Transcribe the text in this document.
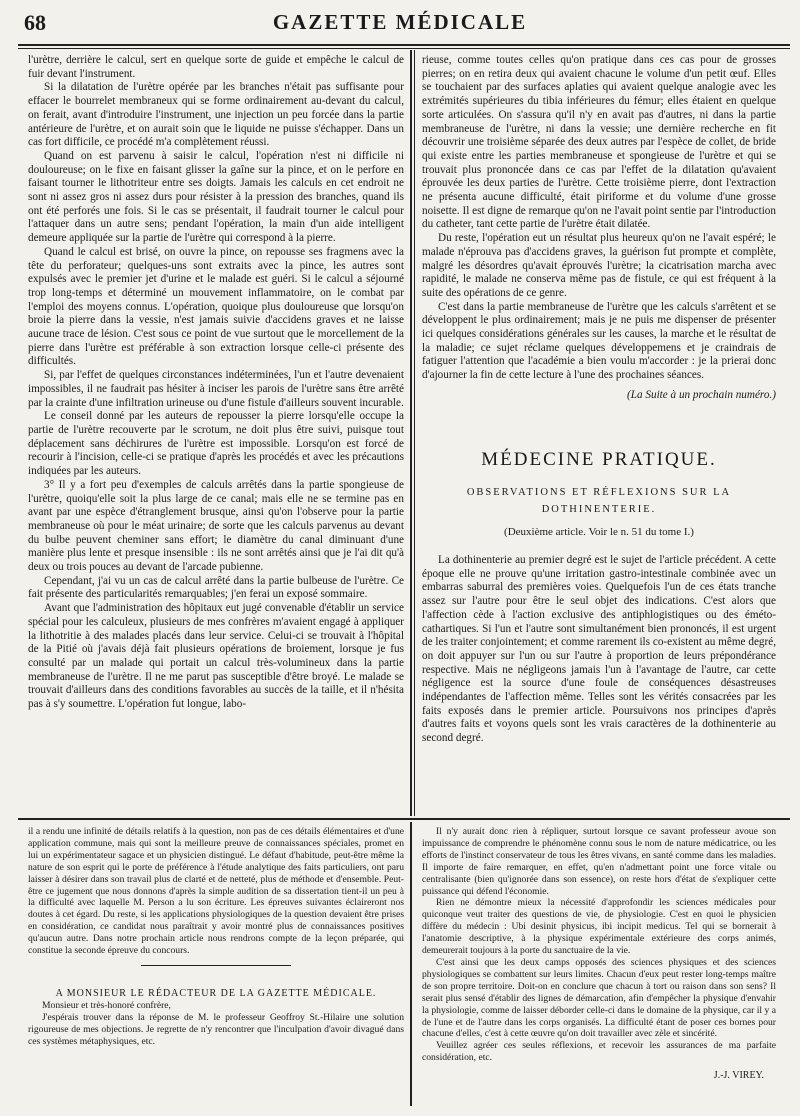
68	GAZETTE MÉDICALE

l'urètre, derrière le calcul, sert en quelque sorte de guide et empêche le calcul de fuir devant l'instrument.

Si la dilatation de l'urètre opérée par les branches n'était pas suffisante pour effacer le bourrelet membraneux qui se forme ordinairement au-devant du calcul, on ferait, avant d'introduire l'instrument, une injection un peu forcée dans la partie antérieure de l'urètre, et on aurait soin que le liquide ne puisse s'échapper. Dans un cas fort difficile, ce procédé m'a complètement réussi.

Quand on est parvenu à saisir le calcul, l'opération n'est ni difficile ni douloureuse; on le fixe en faisant glisser la gaîne sur la pince, et on le perfore en faisant tourner le lithotriteur entre ses doigts. Jamais les calculs en cet endroit ne sont ni assez gros ni assez durs pour résister à la pression des branches, quand ils ont été perforés une fois. Si le cas se présentait, il faudrait tourner le calcul pour l'attaquer dans un autre sens; pendant l'opération, la main d'un aide intelligent demeure appliquée sur la partie de l'urètre qui correspond à la pierre.

Quand le calcul est brisé, on ouvre la pince, on repousse ses fragmens avec la tête du perforateur; quelques-uns sont extraits avec la pince, les autres sont expulsés avec le premier jet d'urine et le malade est guéri. Si le calcul a séjourné trop long-temps et déterminé un mouvement inflammatoire, on le combat par l'emploi des moyens connus. L'opération, quoique plus douloureuse que lorsqu'on broie la pierre dans la vessie, n'est jamais suivie d'accidens graves et ne laisse aucune trace de lésion. C'est sous ce point de vue surtout que le morcellement de la pierre dans l'urètre est préférable à son extraction lorsque celle-ci présente des difficultés.

Si, par l'effet de quelques circonstances indéterminées, l'un et l'autre devenaient impossibles, il ne faudrait pas hésiter à inciser les parois de l'urètre sans être arrêté par la crainte d'une infiltration urineuse ou d'une fistule d'ailleurs souvent incurable.

Le conseil donné par les auteurs de repousser la pierre lorsqu'elle occupe la partie de l'urètre recouverte par le scrotum, ne doit plus être suivi, puisque tout déplacement sans déchirures de l'urètre est impossible. Lorsqu'on est forcé de recourir à l'incision, celle-ci se pratique d'après les procédés et avec les précautions indiquées par les auteurs.

3° Il y a fort peu d'exemples de calculs arrêtés dans la partie spongieuse de l'urètre, quoiqu'elle soit la plus large de ce canal; mais elle ne se termine pas en avant par une espèce d'étranglement brusque, ainsi qu'on l'observe pour la partie membraneuse où pour le méat urinaire; de sorte que les calculs parvenus au devant du bulbe peuvent cheminer sans effort; le diamètre du canal diminuant d'une manière plus lente et presque insensible : ils ne sont arrêtés ainsi que je l'ai dit qu'à deux ou trois pouces au devant de l'arcade pubienne.

Cependant, j'ai vu un cas de calcul arrêté dans la partie bulbeuse de l'urètre. Ce fait présente des particularités remarquables; j'en ferai un exposé sommaire.

Avant que l'administration des hôpitaux eut jugé convenable d'établir un service spécial pour les calculeux, plusieurs de mes confrères m'avaient engagé à appliquer la lithotritie à des malades placés dans leur service. Celui-ci se trouvait à l'hôpital de la Pitié où j'avais déjà fait plusieurs opérations de broiement, lorsque je fus consulté par un malade qui portait un calcul très-volumineux dans la partie membraneuse de l'urètre. Il ne me parut pas susceptible d'être broyé. Le malade se trouvait d'ailleurs dans des conditions favorables au succès de la taille, et il n'hésita pas à s'y soumettre. L'opération fut longue, labo-

rieuse, comme toutes celles qu'on pratique dans ces cas pour de grosses pierres; on en retira deux qui avaient chacune le volume d'un petit œuf. Elles se touchaient par des surfaces aplaties qui avaient quelque analogie avec les extrémités supérieures du tibia inférieures du fémur; elles étaient en quelque sorte articulées. On s'assura qu'il n'y en avait pas d'autres, ni dans la partie membraneuse de l'urètre, ni dans la vessie; une dernière recherche en fit découvrir une troisième séparée des deux autres par l'espèce de collet, de bride qui existe entre les parties membraneuse et spongieuse de l'urètre et qui se trouvait plus prononcée dans ce cas par l'effet de la dilatation qu'avaient éprouvée les deux parties de l'urètre. Cette troisième pierre, dont l'extraction ne présenta aucune difficulté, était piriforme et du volume d'une grosse noisette. Il est digne de remarque qu'on ne l'avait point sentie par l'introduction du catheter, tant cette partie de l'urètre était dilatée.

Du reste, l'opération eut un résultat plus heureux qu'on ne l'avait espéré; le malade n'éprouva pas d'accidens graves, la guérison fut prompte et complète, malgré les désordres qu'avait éprouvés l'urètre; la cicatrisation marcha avec rapidité, le malade ne conserva même pas de fistule, ce qui est fréquent à la suite des opérations de ce genre.

C'est dans la partie membraneuse de l'urètre que les calculs s'arrêtent et se développent le plus ordinairement; mais je ne puis me dispenser de présenter ici quelques considérations générales sur les causes, la marche et le résultat de la maladie; ce sujet réclame quelques développemens et je craindrais de fatiguer l'attention que l'académie a bien voulu m'accorder : je la prierai donc d'ajourner la fin de cette lecture à l'une des prochaines séances.

(La Suite à un prochain numéro.)
MÉDECINE PRATIQUE.
OBSERVATIONS ET RÉFLEXIONS SUR LA
DOTHINENTERIE.
(Deuxième article. Voir le n. 51 du tome I.)

La dothinenterie au premier degré est le sujet de l'article précédent. A cette époque elle ne prouve qu'une irritation gastro-intestinale combinée avec un embarras saburral des premières voies. Quelquefois l'un de ces états tranche assez sur l'autre pour être le seul objet des indications. C'est alors que l'affection cède à l'action exclusive des antiphlogistiques ou des éméto-cathartiques. Si l'un et l'autre sont simultanément bien prononcés, il est urgent de les traiter conjointement; et comme rarement ils co-existent au même degré, on doit appuyer sur l'un ou sur l'autre à proportion de leurs prépondérance respective. Mais ne négligeons jamais l'un à l'avantage de l'autre, car cette négligence est la source d'une foule de conséquences désastreuses indépendantes de l'affection même. Telles sont les vérités consacrées par les faits exposés dans le premier article. Poursuivons nos principes d'après d'autres faits et voyons quels sont les vrais caractères de la dothinenterie au second degré.

il a rendu une infinité de détails relatifs à la question, non pas de ces détails élémentaires et d'une application commune, mais qui sont la meilleure preuve de connaissances spéciales, promet en lui un expérimentateur sagace et un physicien distingué. Le défaut d'habitude, peut-être même la nature de son esprit qui le porte de préférence à l'étude analytique des faits particuliers, ont paru laisser à désirer dans son travail plus de clarté et de netteté, plus de méthode et d'ensemble. Peut-être ce jugement que nous donnons d'après la simple audition de sa dissertation tient-il un peu à la difficulté avec laquelle M. Person a lu son écriture. Les épreuves suivantes éclaireront nos doutes à cet égard. Du reste, si les applications physiologiques de la question devaient être prises en considération, ce candidat nous paraîtrait y avoir montré plus de connaissances positives qu'aucun autre. Dans notre prochain article nous rendrons compte de la leçon préparée, qui constitue la seconde épreuve du concours.

A MONSIEUR LE RÉDACTEUR DE LA GAZETTE MÉDICALE.

Monsieur et très-honoré confrère,

J'espérais trouver dans la réponse de M. le professeur Geoffroy St.-Hilaire une solution rigoureuse de mes objections. Je regrette de n'y rencontrer que l'inculpation d'avoir divagué dans ces systèmes métaphysiques, etc.

Il n'y aurait donc rien à répliquer, surtout lorsque ce savant professeur avoue son impuissance de comprendre le phénomène connu sous le nom de nature médicatrice, ou les efforts de l'instinct conservateur de tous les êtres vivans, en santé comme dans les maladies. Il importe de faire remarquer, en effet, qu'en n'admettant point une force vitale ou centralisante (bien qu'ignorée dans son essence), on reste hors d'état de s'expliquer cette puissance qui défend l'économie.

Rien ne démontre mieux la nécessité d'approfondir les sciences médicales pour quiconque veut traiter des questions de vie, de physiologie. C'est en quoi le physicien diffère du médecin : Ubi desinit physicus, ibi incipit medicus. Tel qui se bornerait à l'anatomie descriptive, à la physique expérimentale extérieure des corps animés, demeurerait toujours à la porte du sanctuaire de la vie.

C'est ainsi que les deux camps opposés des sciences physiques et des sciences physiologiques se combattent sur leurs limites. Chacun d'eux peut rester long-temps maître de son propre territoire. Doit-on en conclure que chacun à tort ou raison dans son sens? Il serait plus sensé d'établir des lignes de démarcation, afin d'empêcher la physique d'envahir la physiologie, comme de laisser déborder celle-ci dans le domaine de la physique, car il y a de l'une et de l'autre dans les corps organisés. La difficulté étant de poser ces bornes pour chacune d'elles, c'est à cette œuvre qu'on doit travailler avec zèle et sincérité.

Veuillez agréer ces seules réflexions, et recevoir les assurances de ma parfaite considération, etc.

J.-J. VIREY.
